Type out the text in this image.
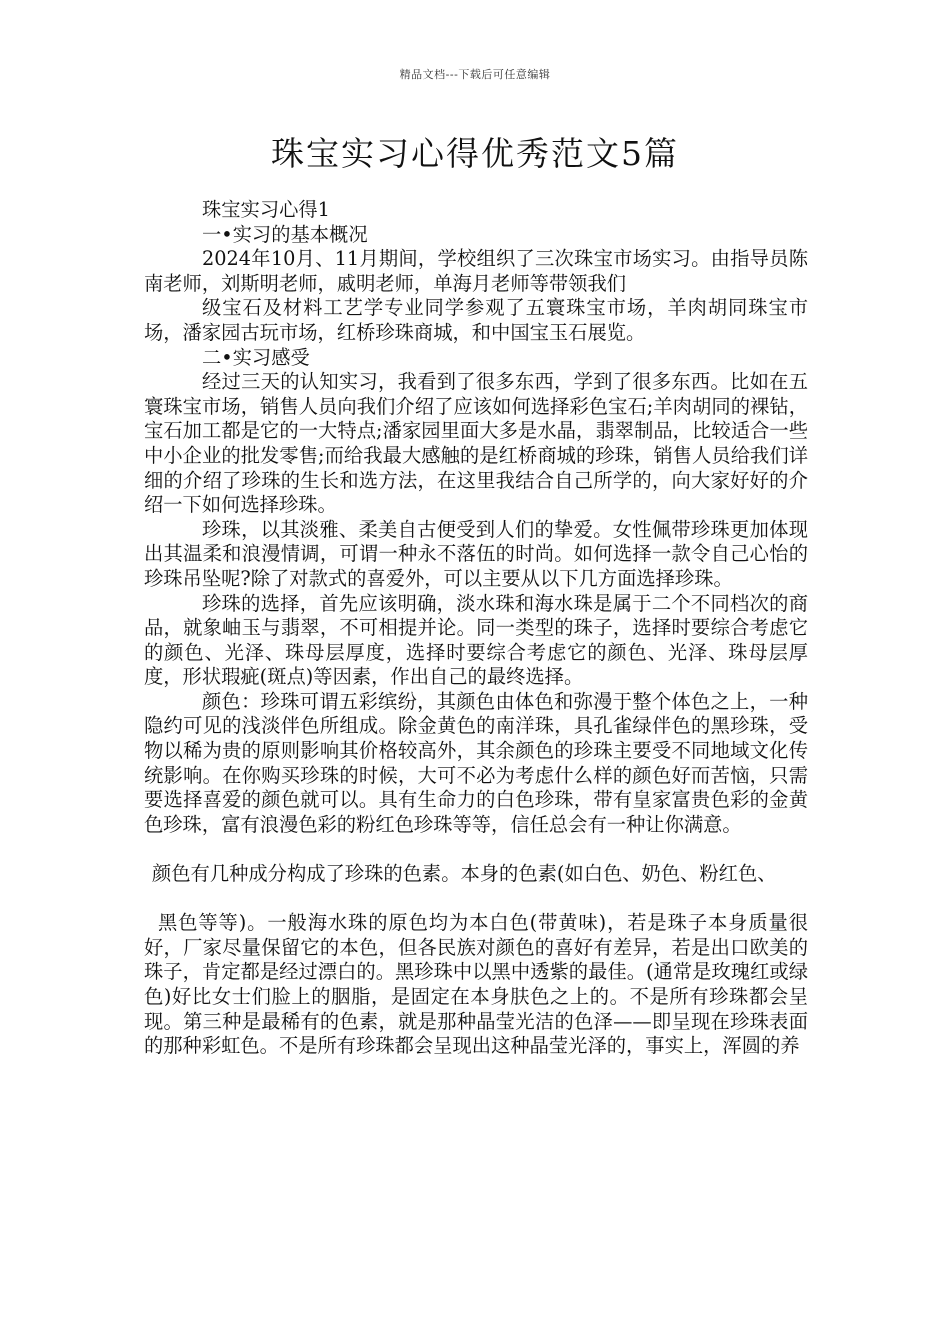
精品文档---下载后可任意编辑
珠宝实习心得优秀范文5篇

珠宝实习心得1

一•实习的基本概况

2024年10月、11月期间，学校组织了三次珠宝市场实习。由指导员陈南老师，刘斯明老师，戚明老师，单海月老师等带领我们

级宝石及材料工艺学专业同学参观了五寰珠宝市场，羊肉胡同珠宝市场，潘家园古玩市场，红桥珍珠商城，和中国宝玉石展览。

二•实习感受

经过三天的认知实习，我看到了很多东西，学到了很多东西。比如在五寰珠宝市场，销售人员向我们介绍了应该如何选择彩色宝石;羊肉胡同的裸钻，宝石加工都是它的一大特点;潘家园里面大多是水晶，翡翠制品，比较适合一些中小企业的批发零售;而给我最大感触的是红桥商城的珍珠，销售人员给我们详细的介绍了珍珠的生长和选方法，在这里我结合自己所学的，向大家好好的介绍一下如何选择珍珠。

珍珠，以其淡雅、柔美自古便受到人们的挚爱。女性佩带珍珠更加体现出其温柔和浪漫情调，可谓一种永不落伍的时尚。如何选择一款令自己心怡的珍珠吊坠呢?除了对款式的喜爱外，可以主要从以下几方面选择珍珠。

珍珠的选择，首先应该明确，淡水珠和海水珠是属于二个不同档次的商品，就象岫玉与翡翠，不可相提并论。同一类型的珠子，选择时要综合考虑它的颜色、光泽、珠母层厚度，选择时要综合考虑它的颜色、光泽、珠母层厚度，形状瑕疵(斑点)等因素，作出自己的最终选择。

颜色：珍珠可谓五彩缤纷，其颜色由体色和弥漫于整个体色之上，一种隐约可见的浅淡伴色所组成。除金黄色的南洋珠，具孔雀绿伴色的黑珍珠，受物以稀为贵的原则影响其价格较高外，其余颜色的珍珠主要受不同地域文化传统影响。在你购买珍珠的时候，大可不必为考虑什么样的颜色好而苦恼，只需要选择喜爱的颜色就可以。具有生命力的白色珍珠，带有皇家富贵色彩的金黄色珍珠，富有浪漫色彩的粉红色珍珠等等，信任总会有一种让你满意。

颜色有几种成分构成了珍珠的色素。本身的色素(如白色、奶色、粉红色、

黑色等等)。一般海水珠的原色均为本白色(带黄味)，若是珠子本身质量很好，厂家尽量保留它的本色，但各民族对颜色的喜好有差异，若是出口欧美的珠子，肯定都是经过漂白的。黑珍珠中以黑中透紫的最佳。(通常是玫瑰红或绿色)好比女士们脸上的胭脂，是固定在本身肤色之上的。不是所有珍珠都会呈现。第三种是最稀有的色素，就是那种晶莹光洁的色泽——即呈现在珍珠表面的那种彩虹色。不是所有珍珠都会呈现出这种晶莹光泽的，事实上，浑圆的养
